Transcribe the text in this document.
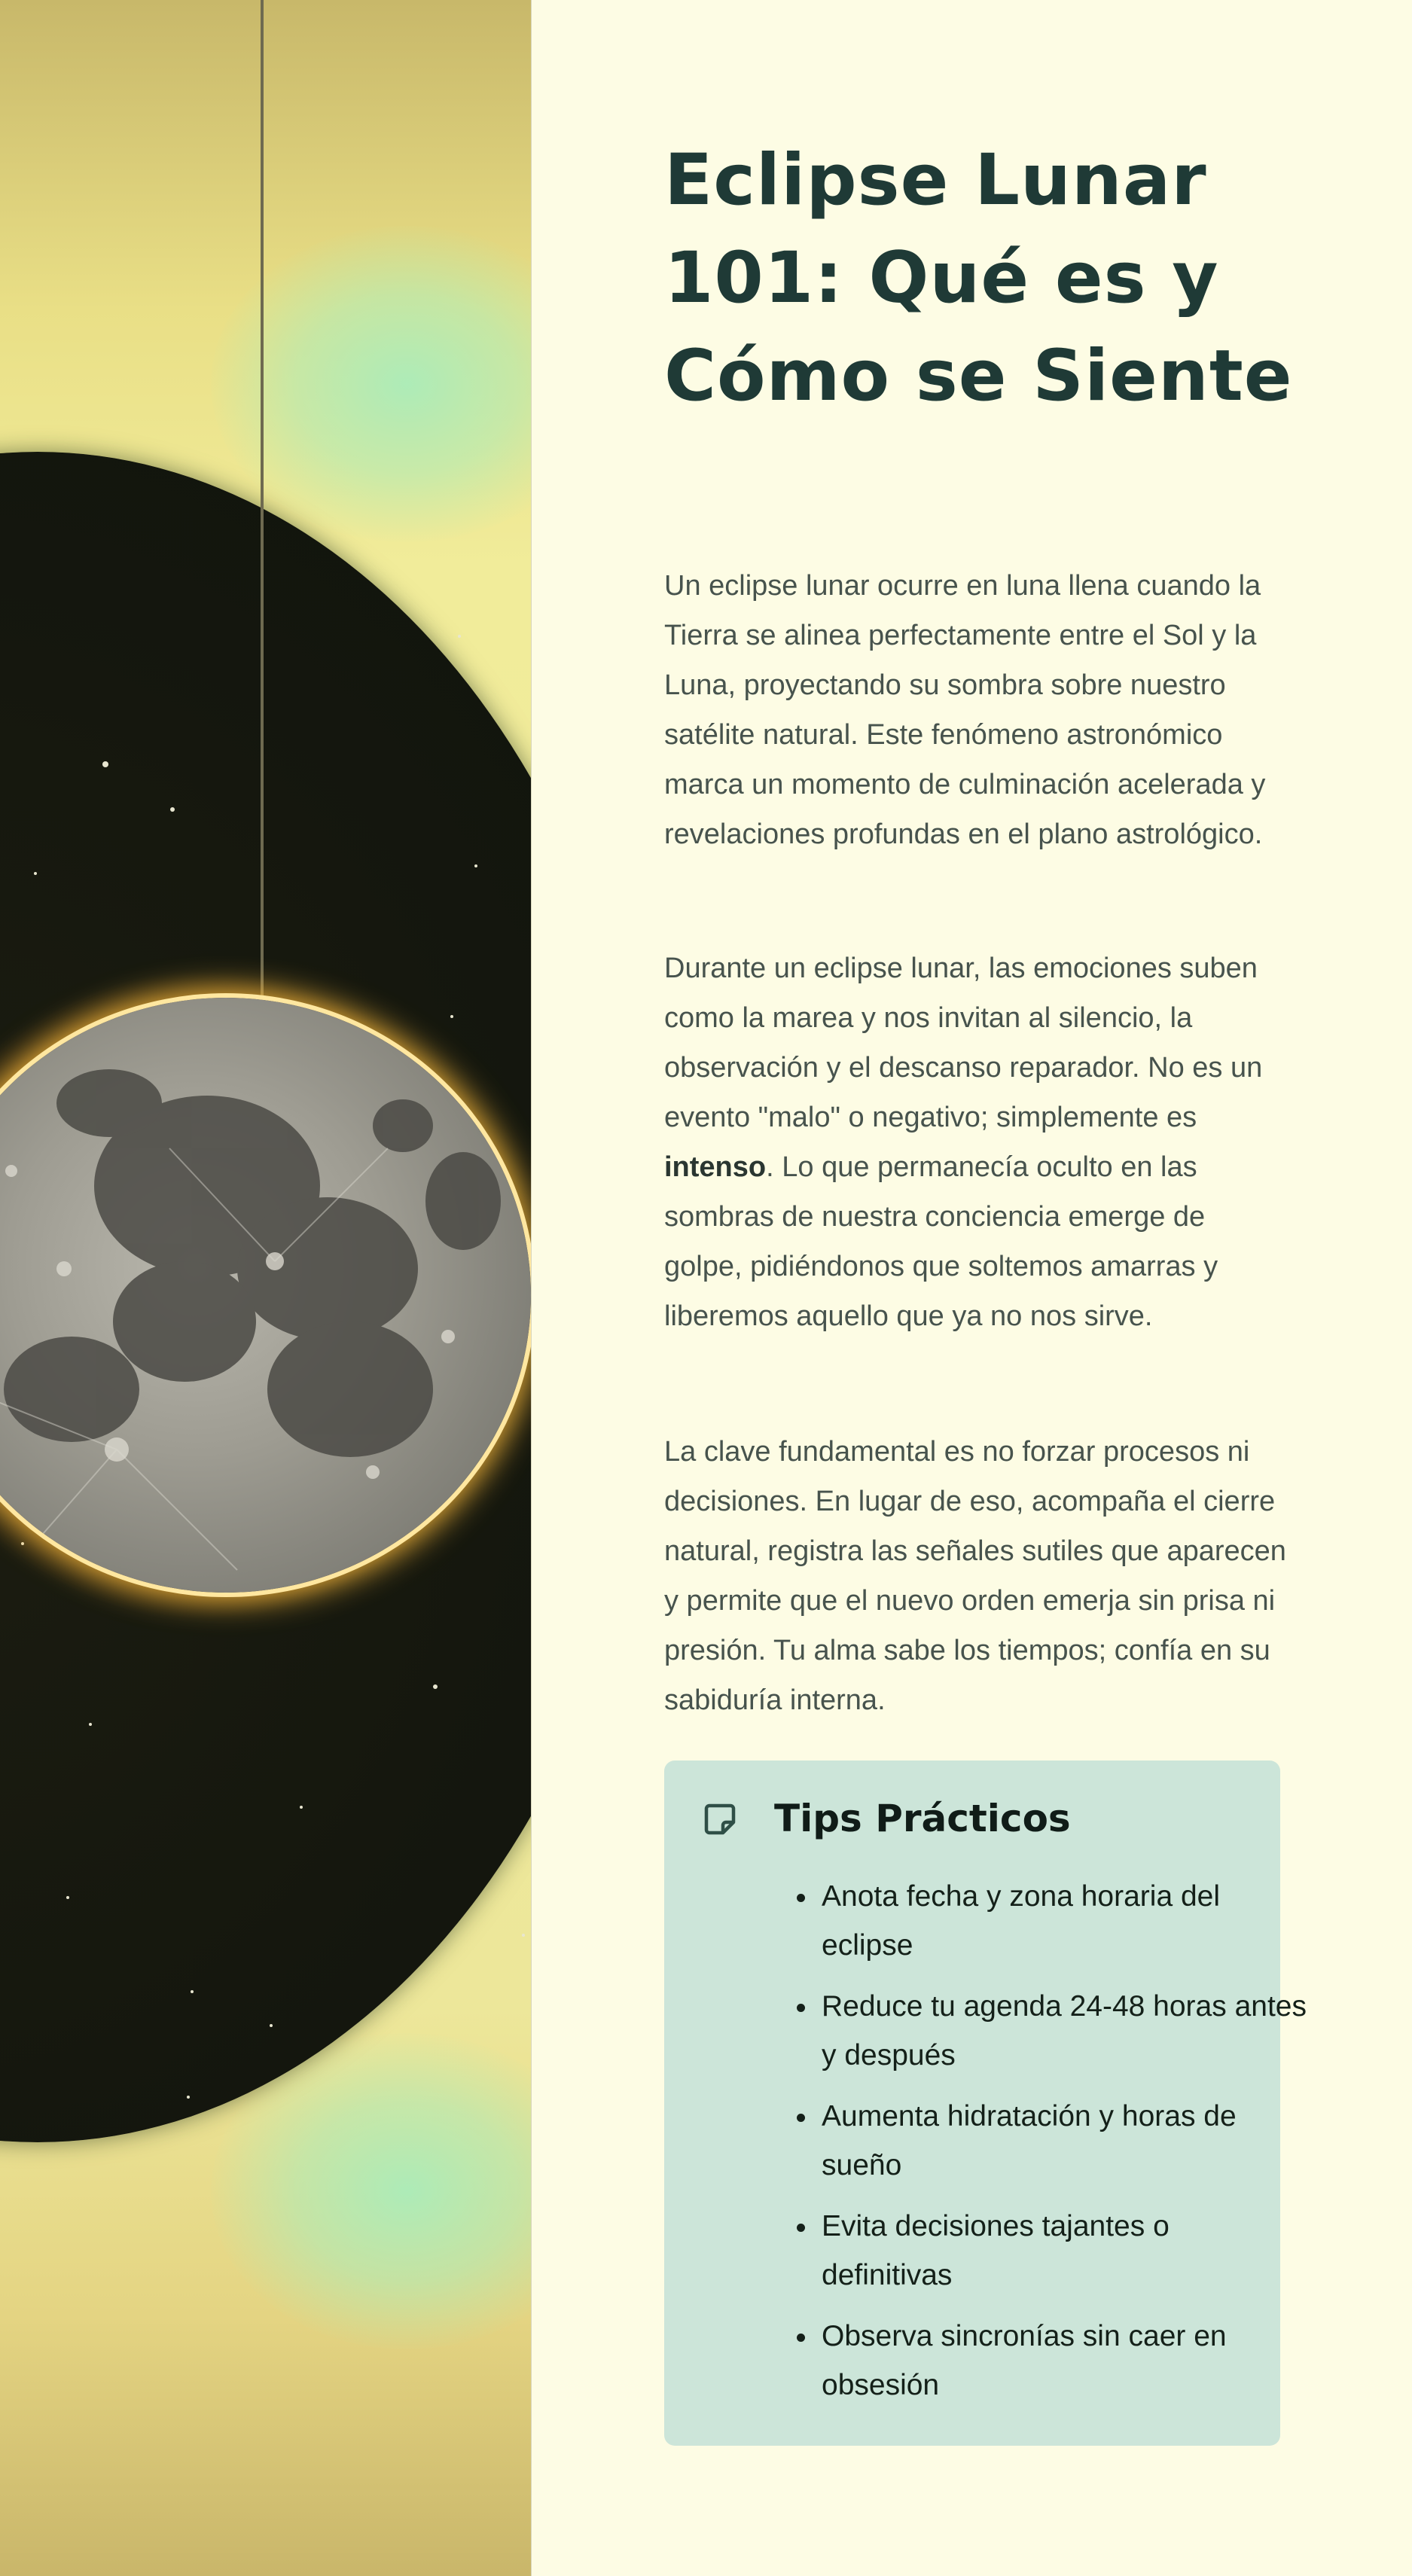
Eclipse Lunar 101: Qué es y Cómo se Siente

Un eclipse lunar ocurre en luna llena cuando la Tierra se alinea perfectamente entre el Sol y la Luna, proyectando su sombra sobre nuestro satélite natural. Este fenómeno astronómico marca un momento de culminación acelerada y revelaciones profundas en el plano astrológico.

Durante un eclipse lunar, las emociones suben como la marea y nos invitan al silencio, la observación y el descanso reparador. No es un evento "malo" o negativo; simplemente es intenso. Lo que permanecía oculto en las sombras de nuestra conciencia emerge de golpe, pidiéndonos que soltemos amarras y liberemos aquello que ya no nos sirve.

La clave fundamental es no forzar procesos ni decisiones. En lugar de eso, acompaña el cierre natural, registra las señales sutiles que aparecen y permite que el nuevo orden emerja sin prisa ni presión. Tu alma sabe los tiempos; confía en su sabiduría interna.

Tips Prácticos
• Anota fecha y zona horaria del eclipse
• Reduce tu agenda 24-48 horas antes y después
• Aumenta hidratación y horas de sueño
• Evita decisiones tajantes o definitivas
• Observa sincronías sin caer en obsesión
